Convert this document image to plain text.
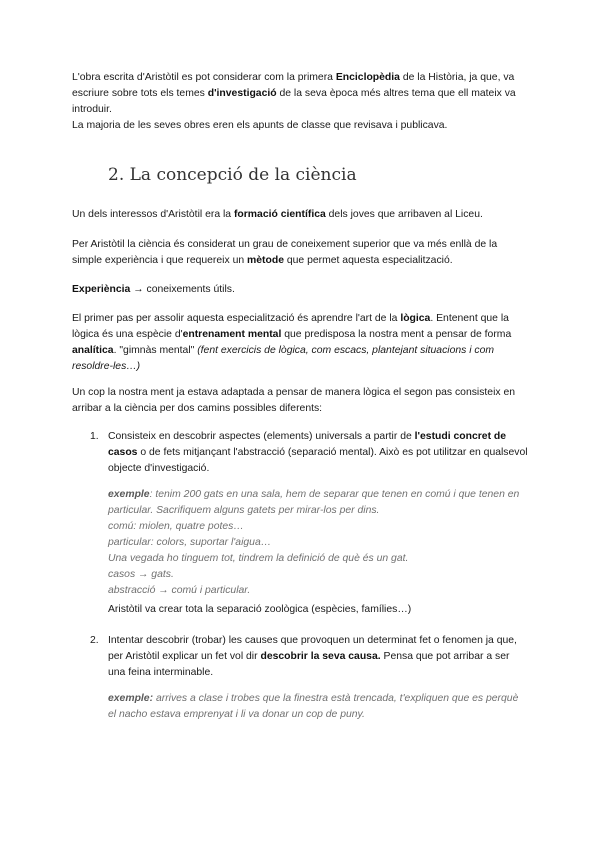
L'obra escrita d'Aristòtil es pot considerar com la primera Enciclopèdia de la Història, ja que, va escriure sobre tots els temes d'investigació de la seva època més altres tema que ell mateix va introduir.

La majoria de les seves obres eren els apunts de classe que revisava i publicava.

2. La concepció de la ciència

Un dels interessos d'Aristòtil era la formació científica dels joves que arribaven al Liceu.

Per Aristòtil la ciència és considerat un grau de coneixement superior que va més enllà de la simple experiència i que requereix un mètode que permet aquesta especialització.

Experiència → coneixements útils.

El primer pas per assolir aquesta especialització és aprendre l'art de la lògica. Entenent que la lògica és una espècie d'entrenament mental que predisposa la nostra ment a pensar de forma analítica. "gimnàs mental" (fent exercicis de lògica, com escacs, plantejant situacions i com resoldre-les…)

Un cop la nostra ment ja estava adaptada a pensar de manera lògica el segon pas consisteix en arribar a la ciència per dos camins possibles diferents:

1. Consisteix en descobrir aspectes (elements) universals a partir de l'estudi concret de casos o de fets mitjançant l'abstracció (separació mental). Això es pot utilitzar en qualsevol objecte d'investigació.

exemple: tenim 200 gats en una sala, hem de separar que tenen en comú i que tenen en particular. Sacrifiquem alguns gatets per mirar-los per dins.

comú: miolen, quatre potes…

particular: colors, suportar l'aigua…

Una vegada ho tinguem tot, tindrem la definició de què és un gat.

casos → gats.

abstracció → comú i particular.

Aristòtil va crear tota la separació zoològica (espècies, famílies…)
2. Intentar descobrir (trobar) les causes que provoquen un determinat fet o fenomen ja que, per Aristòtil explicar un fet vol dir descobrir la seva causa. Pensa que pot arribar a ser una feina interminable.

exemple: arrives a clase i trobes que la finestra està trencada, t'expliquen que es perquè el nacho estava emprenyat i li va donar un cop de puny.
